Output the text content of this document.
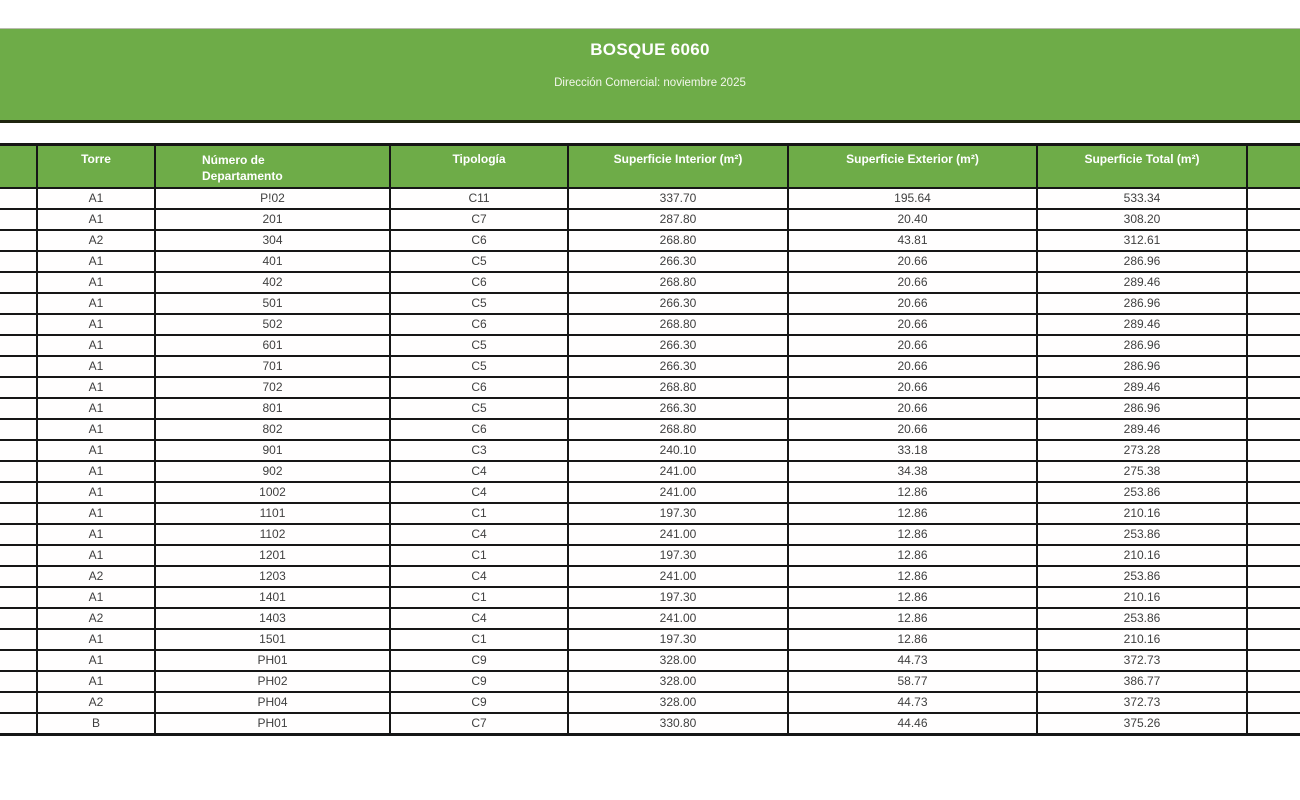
BOSQUE 6060
Dirección Comercial: noviembre 2025
	Torre	Número de Departamento	Tipología	Superficie Interior (m²)	Superficie Exterior (m²)	Superficie Total (m²)	
	A1	P!02	C11	337.70	195.64	533.34	
	A1	201	C7	287.80	20.40	308.20	
	A2	304	C6	268.80	43.81	312.61	
	A1	401	C5	266.30	20.66	286.96	
	A1	402	C6	268.80	20.66	289.46	
	A1	501	C5	266.30	20.66	286.96	
	A1	502	C6	268.80	20.66	289.46	
	A1	601	C5	266.30	20.66	286.96	
	A1	701	C5	266.30	20.66	286.96	
	A1	702	C6	268.80	20.66	289.46	
	A1	801	C5	266.30	20.66	286.96	
	A1	802	C6	268.80	20.66	289.46	
	A1	901	C3	240.10	33.18	273.28	
	A1	902	C4	241.00	34.38	275.38	
	A1	1002	C4	241.00	12.86	253.86	
	A1	1101	C1	197.30	12.86	210.16	
	A1	1102	C4	241.00	12.86	253.86	
	A1	1201	C1	197.30	12.86	210.16	
	A2	1203	C4	241.00	12.86	253.86	
	A1	1401	C1	197.30	12.86	210.16	
	A2	1403	C4	241.00	12.86	253.86	
	A1	1501	C1	197.30	12.86	210.16	
	A1	PH01	C9	328.00	44.73	372.73	
	A1	PH02	C9	328.00	58.77	386.77	
	A2	PH04	C9	328.00	44.73	372.73	
	B	PH01	C7	330.80	44.46	375.26	
